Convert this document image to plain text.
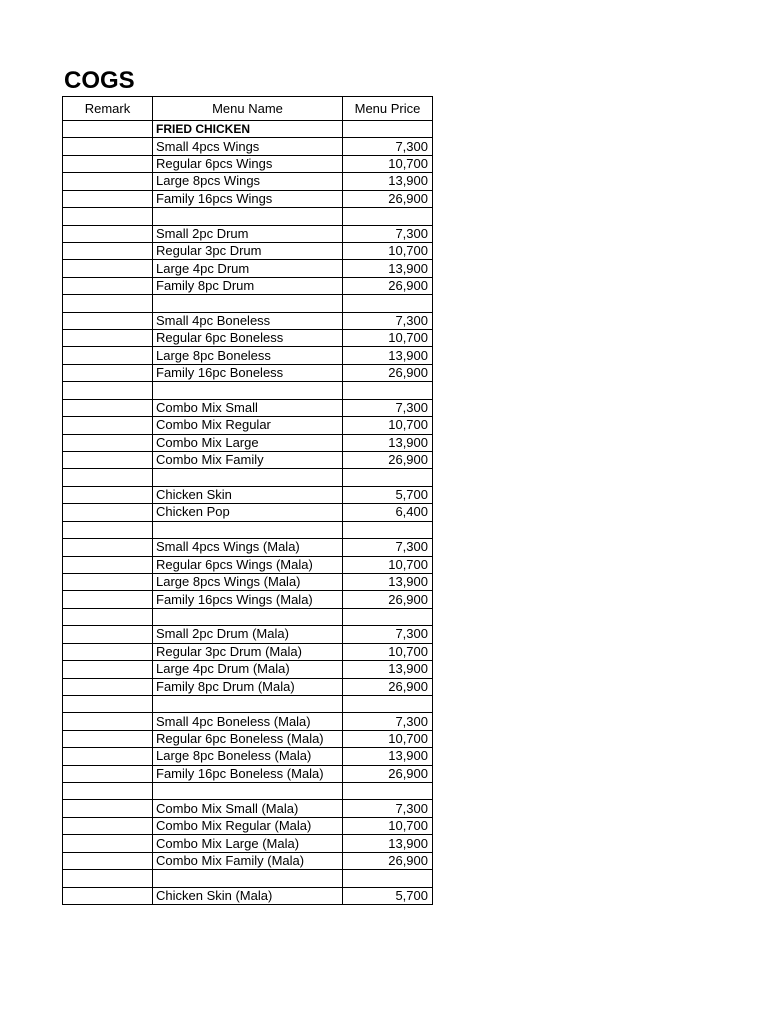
COGS
Remark	Menu Name	Menu Price
	FRIED CHICKEN	
	Small 4pcs Wings	7,300
	Regular 6pcs Wings	10,700
	Large 8pcs Wings	13,900
	Family 16pcs Wings	26,900

	Small 2pc Drum	7,300
	Regular 3pc Drum	10,700
	Large 4pc Drum	13,900
	Family 8pc Drum	26,900

	Small 4pc Boneless	7,300
	Regular 6pc Boneless	10,700
	Large 8pc Boneless	13,900
	Family 16pc Boneless	26,900

	Combo Mix Small	7,300
	Combo Mix Regular	10,700
	Combo Mix Large	13,900
	Combo Mix Family	26,900

	Chicken Skin	5,700
	Chicken Pop	6,400

	Small 4pcs Wings (Mala)	7,300
	Regular 6pcs Wings (Mala)	10,700
	Large 8pcs Wings (Mala)	13,900
	Family 16pcs Wings (Mala)	26,900

	Small 2pc Drum (Mala)	7,300
	Regular 3pc Drum (Mala)	10,700
	Large 4pc Drum (Mala)	13,900
	Family 8pc Drum (Mala)	26,900

	Small 4pc Boneless (Mala)	7,300
	Regular 6pc Boneless (Mala)	10,700
	Large 8pc Boneless (Mala)	13,900
	Family 16pc Boneless (Mala)	26,900

	Combo Mix Small (Mala)	7,300
	Combo Mix Regular (Mala)	10,700
	Combo Mix Large (Mala)	13,900
	Combo Mix Family (Mala)	26,900

	Chicken Skin (Mala)	5,700
